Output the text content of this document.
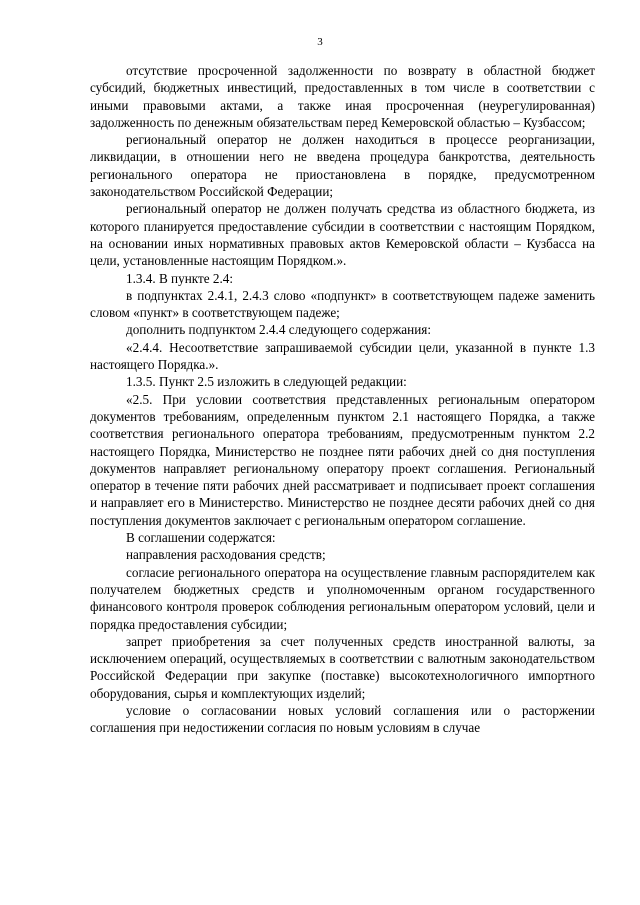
3

отсутствие просроченной задолженности по возврату в областной бюджет субсидий, бюджетных инвестиций, предоставленных в том числе в соответствии с иными правовыми актами, а также иная просроченная (неурегулированная) задолженность по денежным обязательствам перед Кемеровской областью – Кузбассом;

региональный оператор не должен находиться в процессе реорганизации, ликвидации, в отношении него не введена процедура банкротства, деятельность регионального оператора не приостановлена в порядке, предусмотренном законодательством Российской Федерации;

региональный оператор не должен получать средства из областного бюджета, из которого планируется предоставление субсидии в соответствии с настоящим Порядком, на основании иных нормативных правовых актов Кемеровской области – Кузбасса на цели, установленные настоящим Порядком.».

1.3.4. В пункте 2.4:

в подпунктах 2.4.1, 2.4.3 слово «подпункт» в соответствующем падеже заменить словом «пункт» в соответствующем падеже;

дополнить подпунктом 2.4.4 следующего содержания:

«2.4.4. Несоответствие запрашиваемой субсидии цели, указанной в пункте 1.3 настоящего Порядка.».

1.3.5. Пункт 2.5 изложить в следующей редакции:

«2.5. При условии соответствия представленных региональным оператором документов требованиям, определенным пунктом 2.1 настоящего Порядка, а также соответствия регионального оператора требованиям, предусмотренным пунктом 2.2 настоящего Порядка, Министерство не позднее пяти рабочих дней со дня поступления документов направляет региональному оператору проект соглашения. Региональный оператор в течение пяти рабочих дней рассматривает и подписывает проект соглашения и направляет его в Министерство. Министерство не позднее десяти рабочих дней со дня поступления документов заключает с региональным оператором соглашение.

В соглашении содержатся:

направления расходования средств;

согласие регионального оператора на осуществление главным распорядителем как получателем бюджетных средств и уполномоченным органом государственного финансового контроля проверок соблюдения региональным оператором условий, цели и порядка предоставления субсидии;

запрет приобретения за счет полученных средств иностранной валюты, за исключением операций, осуществляемых в соответствии с валютным законодательством Российской Федерации при закупке (поставке) высокотехнологичного импортного оборудования, сырья и комплектующих изделий;

условие о согласовании новых условий соглашения или о расторжении соглашения при недостижении согласия по новым условиям в случае
